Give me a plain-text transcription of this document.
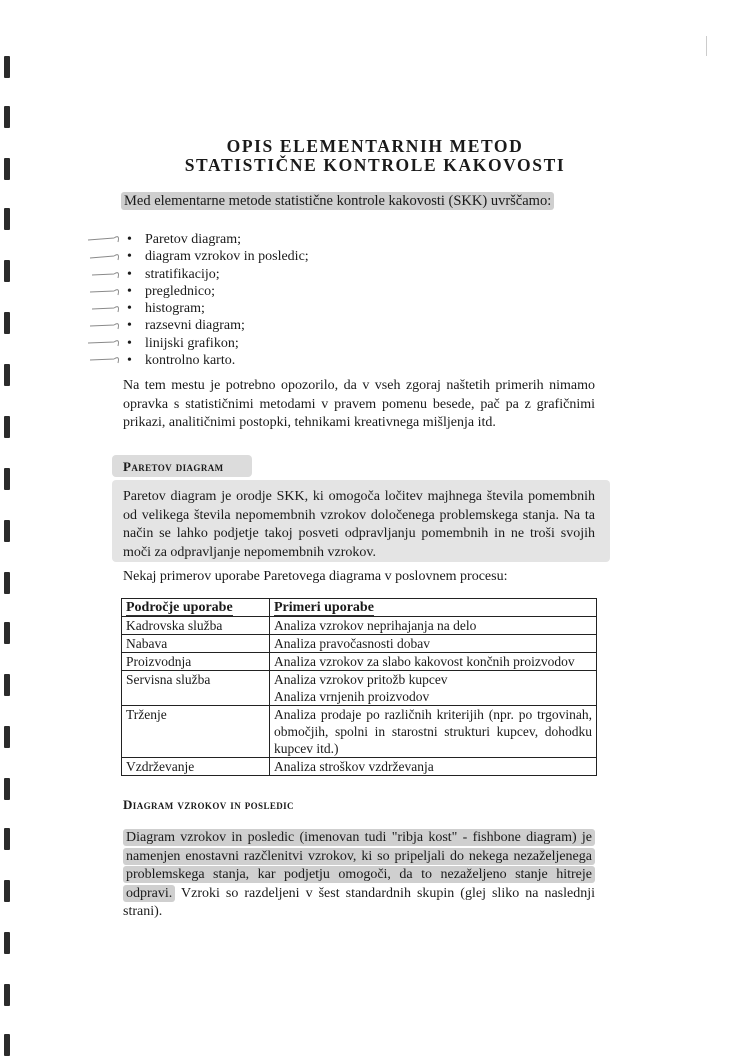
OPIS ELEMENTARNIH METOD
STATISTIČNE KONTROLE KAKOVOSTI
Med elementarne metode statistične kontrole kakovosti (SKK) uvrščamo:
• Paretov diagram;
• diagram vzrokov in posledic;
• stratifikacijo;
• preglednico;
• histogram;
• razsevni diagram;
• linijski grafikon;
• kontrolno karto.
Na tem mestu je potrebno opozorilo, da v vseh zgoraj naštetih primerih nimamo opravka s statističnimi metodami v pravem pomenu besede, pač pa z grafičnimi prikazi, analitičnimi postopki, tehnikami kreativnega mišljenja itd.
Paretov diagram
Paretov diagram je orodje SKK, ki omogoča ločitev majhnega števila pomembnih od velikega števila nepomembnih vzrokov določenega problemskega stanja. Na ta način se lahko podjetje takoj posveti odpravljanju pomembnih in ne troši svojih moči za odpravljanje nepomembnih vzrokov.
Nekaj primerov uporabe Paretovega diagrama v poslovnem procesu:
Področje uporabe	Primeri uporabe
Kadrovska služba	Analiza vzrokov neprihajanja na delo
Nabava	Analiza pravočasnosti dobav
Proizvodnja	Analiza vzrokov za slabo kakovost končnih proizvodov
Servisna služba	Analiza vzrokov pritožb kupcev
Analiza vrnjenih proizvodov

Trženje	Analiza prodaje po različnih kriterijih (npr. po trgovinah, območjih, spolni in starostni strukturi kupcev, dohodku kupcev itd.)
Vzdrževanje	Analiza stroškov vzdrževanja
Diagram vzrokov in posledic
Diagram vzrokov in posledic (imenovan tudi "ribja kost" - fishbone diagram) je namenjen enostavni razčlenitvi vzrokov, ki so pripeljali do nekega nezaželjenega problemskega stanja, kar podjetju omogoči, da to nezaželjeno stanje hitreje odpravi. Vzroki so razdeljeni v šest standardnih skupin (glej sliko na naslednji strani).
